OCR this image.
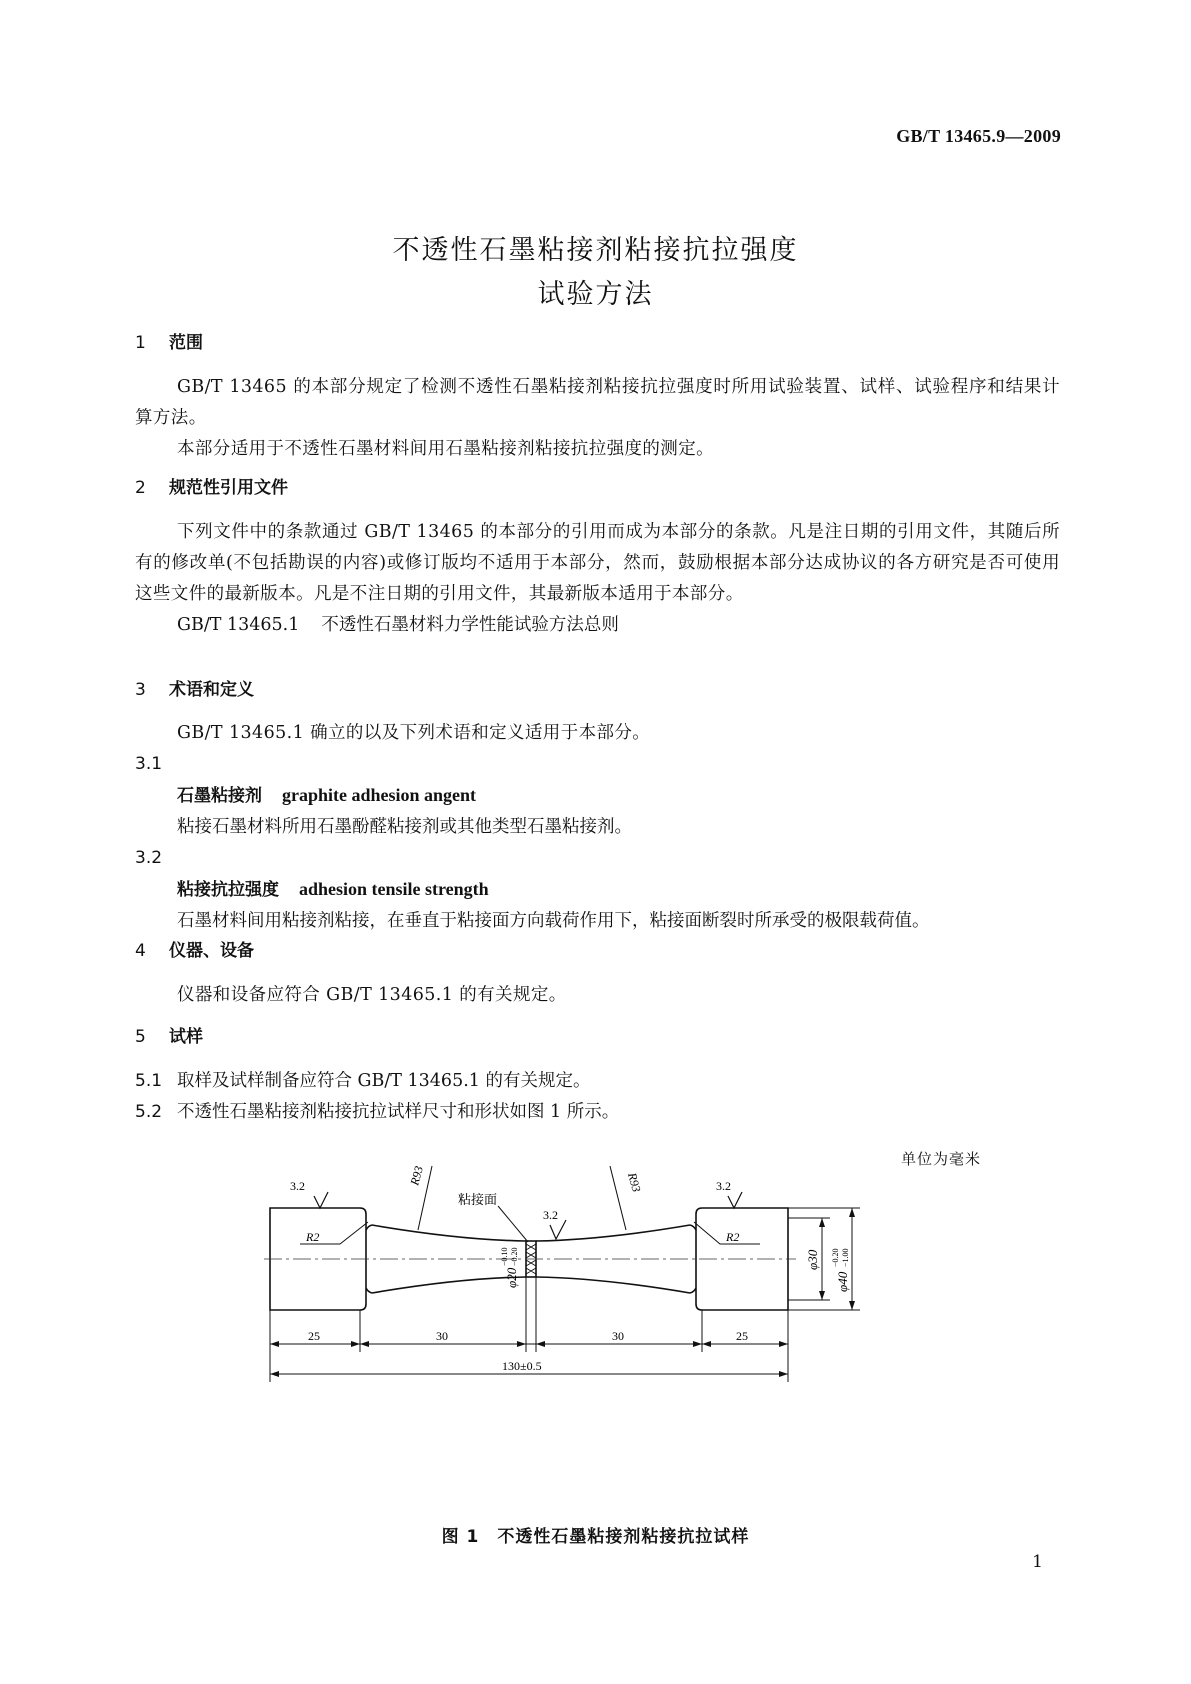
GB/T 13465.9—2009
不透性石墨粘接剂粘接抗拉强度
试验方法
1 范围
GB/T 13465 的本部分规定了检测不透性石墨粘接剂粘接抗拉强度时所用试验装置、试样、试验程序和结果计算方法。
本部分适用于不透性石墨材料间用石墨粘接剂粘接抗拉强度的测定。
2 规范性引用文件
下列文件中的条款通过 GB/T 13465 的本部分的引用而成为本部分的条款。凡是注日期的引用文件，其随后所有的修改单(不包括勘误的内容)或修订版均不适用于本部分，然而，鼓励根据本部分达成协议的各方研究是否可使用这些文件的最新版本。凡是不注日期的引用文件，其最新版本适用于本部分。
GB/T 13465.1 不透性石墨材料力学性能试验方法总则
3 术语和定义
GB/T 13465.1 确立的以及下列术语和定义适用于本部分。
3.1
石墨粘接剂 graphite adhesion angent
粘接石墨材料所用石墨酚醛粘接剂或其他类型石墨粘接剂。
3.2
粘接抗拉强度 adhesion tensile strength
石墨材料间用粘接剂粘接，在垂直于粘接面方向载荷作用下，粘接面断裂时所承受的极限载荷值。
4 仪器、设备
仪器和设备应符合 GB/T 13465.1 的有关规定。
5 试样
5.1 取样及试样制备应符合 GB/T 13465.1 的有关规定。
5.2 不透性石墨粘接剂粘接抗拉试样尺寸和形状如图 1 所示。
单位为毫米
3.2
3.2
3.2
R93	R93
R2	R2
粘接面
φ20
−0.10 −0.20	φ30
φ40
−0.20 −1.00
25	30	30	25
130±0.5
图 1 不透性石墨粘接剂粘接抗拉试样
1
